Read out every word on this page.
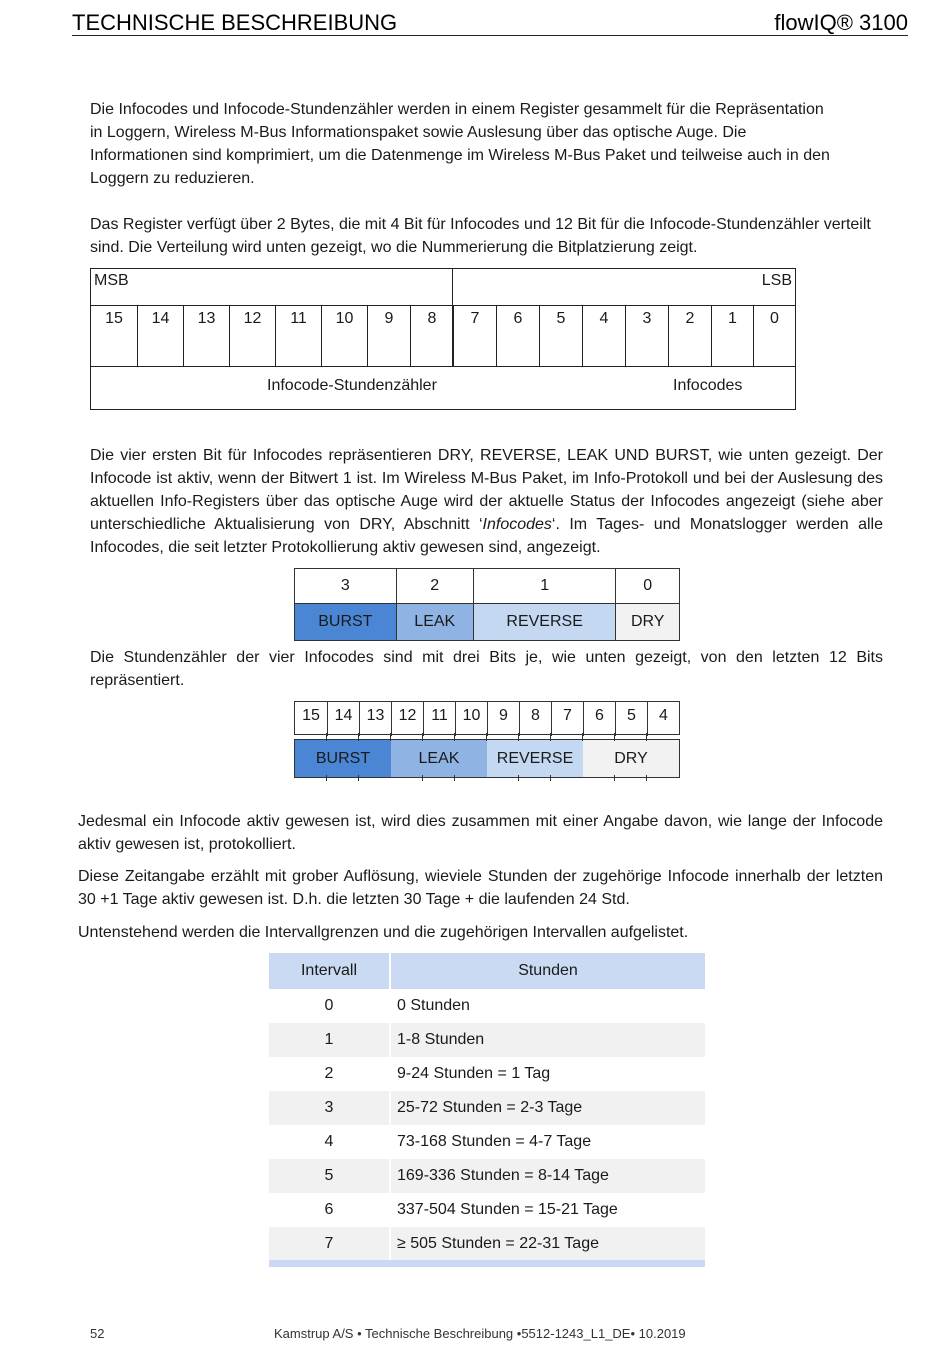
TECHNISCHE BESCHREIBUNG	flowIQ® 3100

Die Infocodes und Infocode-Stundenzähler werden in einem Register gesammelt für die Repräsentation in Loggern, Wireless M-Bus Informationspaket sowie Auslesung über das optische Auge. Die Informationen sind komprimiert, um die Datenmenge im Wireless M-Bus Paket und teilweise auch in den Loggern zu reduzieren.

Das Register verfügt über 2 Bytes, die mit 4 Bit für Infocodes und 12 Bit für die Infocode-Stundenzähler verteilt sind. Die Verteilung wird unten gezeigt, wo die Nummerierung die Bitplatzierung zeigt.

MSB	LSB
15	14	13	12	11	10	9	8	7	6	5	4	3	2	1	0
Infocode-Stundenzähler	Infocodes

Die vier ersten Bit für Infocodes repräsentieren DRY, REVERSE, LEAK UND BURST, wie unten gezeigt. Der Infocode ist aktiv, wenn der Bitwert 1 ist. Im Wireless M-Bus Paket, im Info-Protokoll und bei der Auslesung des aktuellen Info-Registers über das optische Auge wird der aktuelle Status der Infocodes angezeigt (siehe aber unterschiedliche Aktualisierung von DRY, Abschnitt ‘Infocodes‘. Im Tages- und Monatslogger werden alle Infocodes, die seit letzter Protokollierung aktiv gewesen sind, angezeigt.

3	2	1	0
BURST	LEAK	REVERSE	DRY

Die Stundenzähler der vier Infocodes sind mit drei Bits je, wie unten gezeigt, von den letzten 12 Bits repräsentiert.

15 14 13 12 11 10	9	8	7	6	5	4
BURST	LEAK	REVERSE	DRY

Jedesmal ein Infocode aktiv gewesen ist, wird dies zusammen mit einer Angabe davon, wie lange der Infocode aktiv gewesen ist, protokolliert.

Diese Zeitangabe erzählt mit grober Auflösung, wieviele Stunden der zugehörige Infocode innerhalb der letzten 30 +1 Tage aktiv gewesen ist. D.h. die letzten 30 Tage + die laufenden 24 Std.

Untenstehend werden die Intervallgrenzen und die zugehörigen Intervallen aufgelistet.

Intervall	Stunden
0	0 Stunden
1	1-8 Stunden
2	9-24 Stunden = 1 Tag
3	25-72 Stunden = 2-3 Tage
4	73-168 Stunden = 4-7 Tage
5	169-336 Stunden = 8-14 Tage
6	337-504 Stunden = 15-21 Tage
7	≥ 505 Stunden = 22-31 Tage
52	Kamstrup A/S • Technische Beschreibung •5512-1243_L1_DE• 10.2019
